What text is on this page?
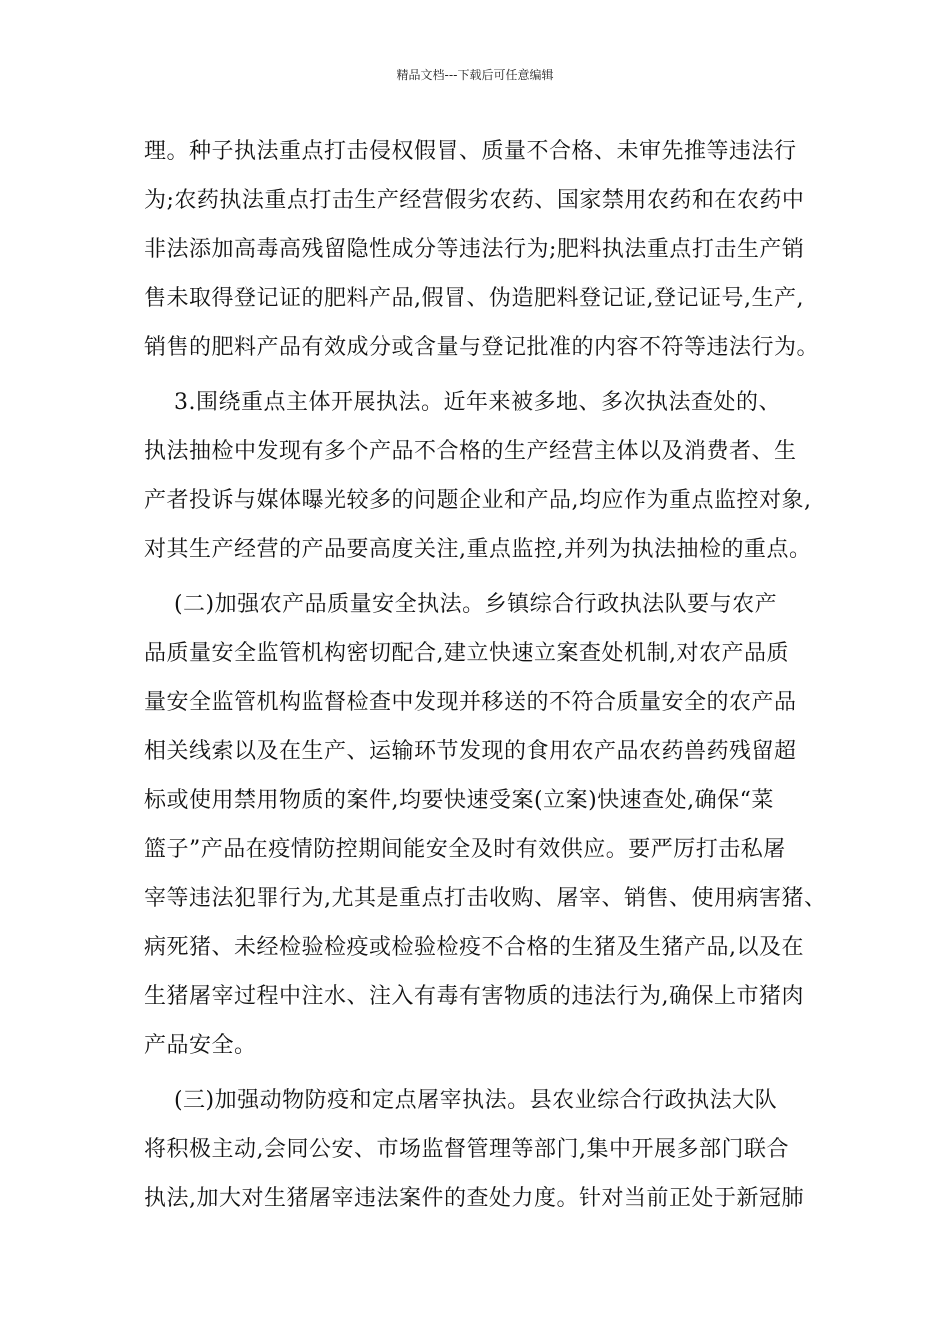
精品文档---下载后可任意编辑
理。种子执法重点打击侵权假冒、质量不合格、未审先推等违法行
为;农药执法重点打击生产经营假劣农药、国家禁用农药和在农药中
非法添加高毒高残留隐性成分等违法行为;肥料执法重点打击生产销
售未取得登记证的肥料产品,假冒、伪造肥料登记证,登记证号,生产,
销售的肥料产品有效成分或含量与登记批准的内容不符等违法行为。
3.围绕重点主体开展执法。近年来被多地、多次执法查处的、
执法抽检中发现有多个产品不合格的生产经营主体以及消费者、生
产者投诉与媒体曝光较多的问题企业和产品,均应作为重点监控对象,
对其生产经营的产品要高度关注,重点监控,并列为执法抽检的重点。
(二)加强农产品质量安全执法。乡镇综合行政执法队要与农产
品质量安全监管机构密切配合,建立快速立案查处机制,对农产品质
量安全监管机构监督检查中发现并移送的不符合质量安全的农产品
相关线索以及在生产、运输环节发现的食用农产品农药兽药残留超
标或使用禁用物质的案件,均要快速受案(立案)快速查处,确保“菜
篮子”产品在疫情防控期间能安全及时有效供应。要严厉打击私屠
宰等违法犯罪行为,尤其是重点打击收购、屠宰、销售、使用病害猪、
病死猪、未经检验检疫或检验检疫不合格的生猪及生猪产品,以及在
生猪屠宰过程中注水、注入有毒有害物质的违法行为,确保上市猪肉
产品安全。
(三)加强动物防疫和定点屠宰执法。县农业综合行政执法大队
将积极主动,会同公安、市场监督管理等部门,集中开展多部门联合
执法,加大对生猪屠宰违法案件的查处力度。针对当前正处于新冠肺
